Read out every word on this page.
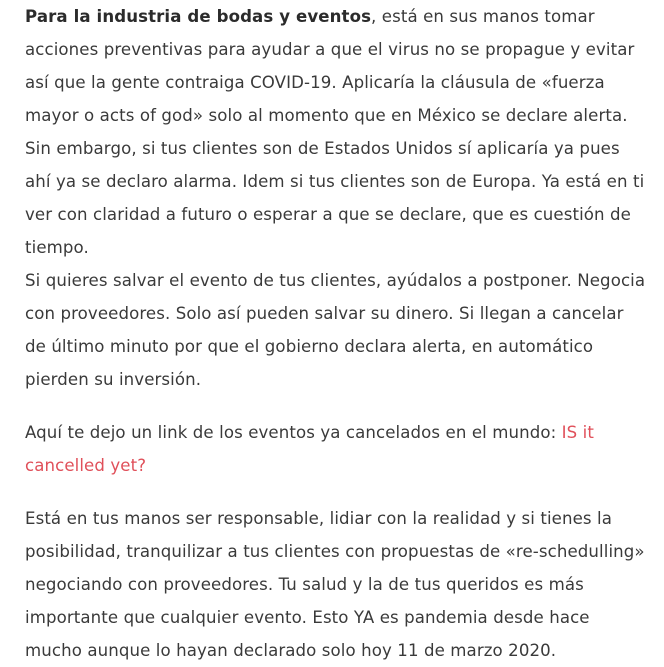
Para la industria de bodas y eventos, está en sus manos tomar acciones preventivas para ayudar a que el virus no se propague y evitar así que la gente contraiga COVID-19. Aplicaría la cláusula de «fuerza mayor o acts of god» solo al momento que en México se declare alerta. Sin embargo, si tus clientes son de Estados Unidos sí aplicaría ya pues ahí ya se declaro alarma. Idem si tus clientes son de Europa. Ya está en ti ver con claridad a futuro o esperar a que se declare, que es cuestión de tiempo.

Si quieres salvar el evento de tus clientes, ayúdalos a postponer. Negocia con proveedores. Solo así pueden salvar su dinero. Si llegan a cancelar de último minuto por que el gobierno declara alerta, en automático pierden su inversión.

Aquí te dejo un link de los eventos ya cancelados en el mundo: IS it cancelled yet?

Está en tus manos ser responsable, lidiar con la realidad y si tienes la posibilidad, tranquilizar a tus clientes con propuestas de «re-schedulling» negociando con proveedores. Tu salud y la de tus queridos es más importante que cualquier evento. Esto YA es pandemia desde hace mucho aunque lo hayan declarado solo hoy 11 de marzo 2020.
